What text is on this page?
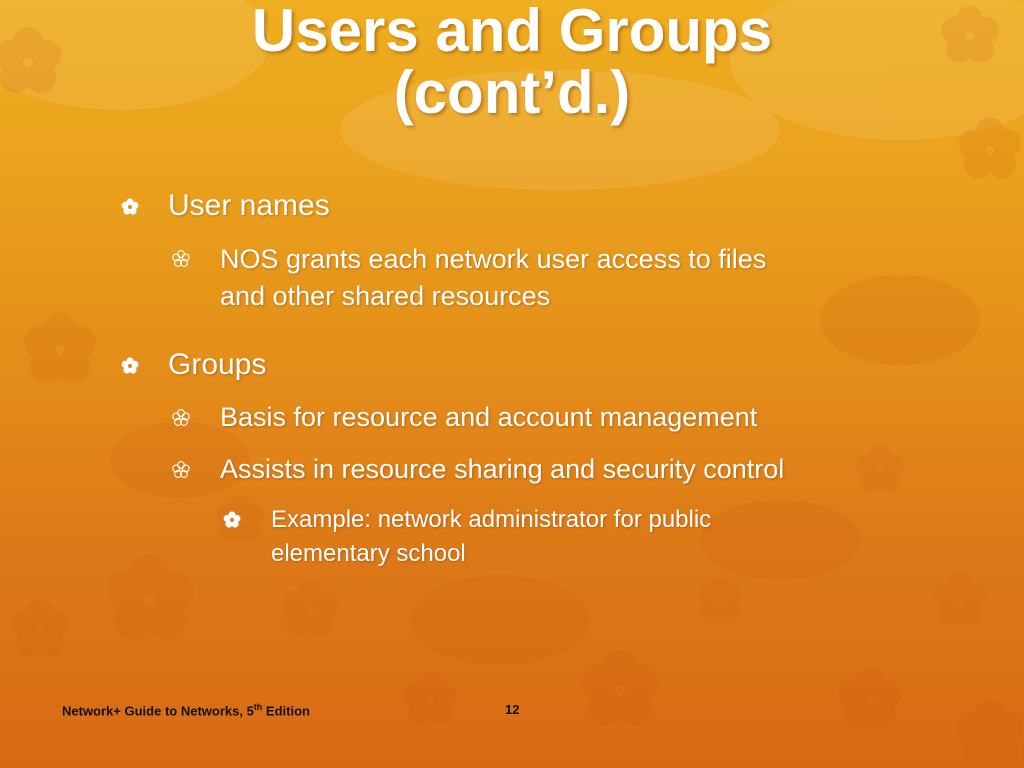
Users and Groups
(cont’d.)
User names
NOS grants each network user access to files
and other shared resources
Groups
Basis for resource and account management
Assists in resource sharing and security control
Example: network administrator for public
elementary school
Network+ Guide to Networks, 5th Edition	12
